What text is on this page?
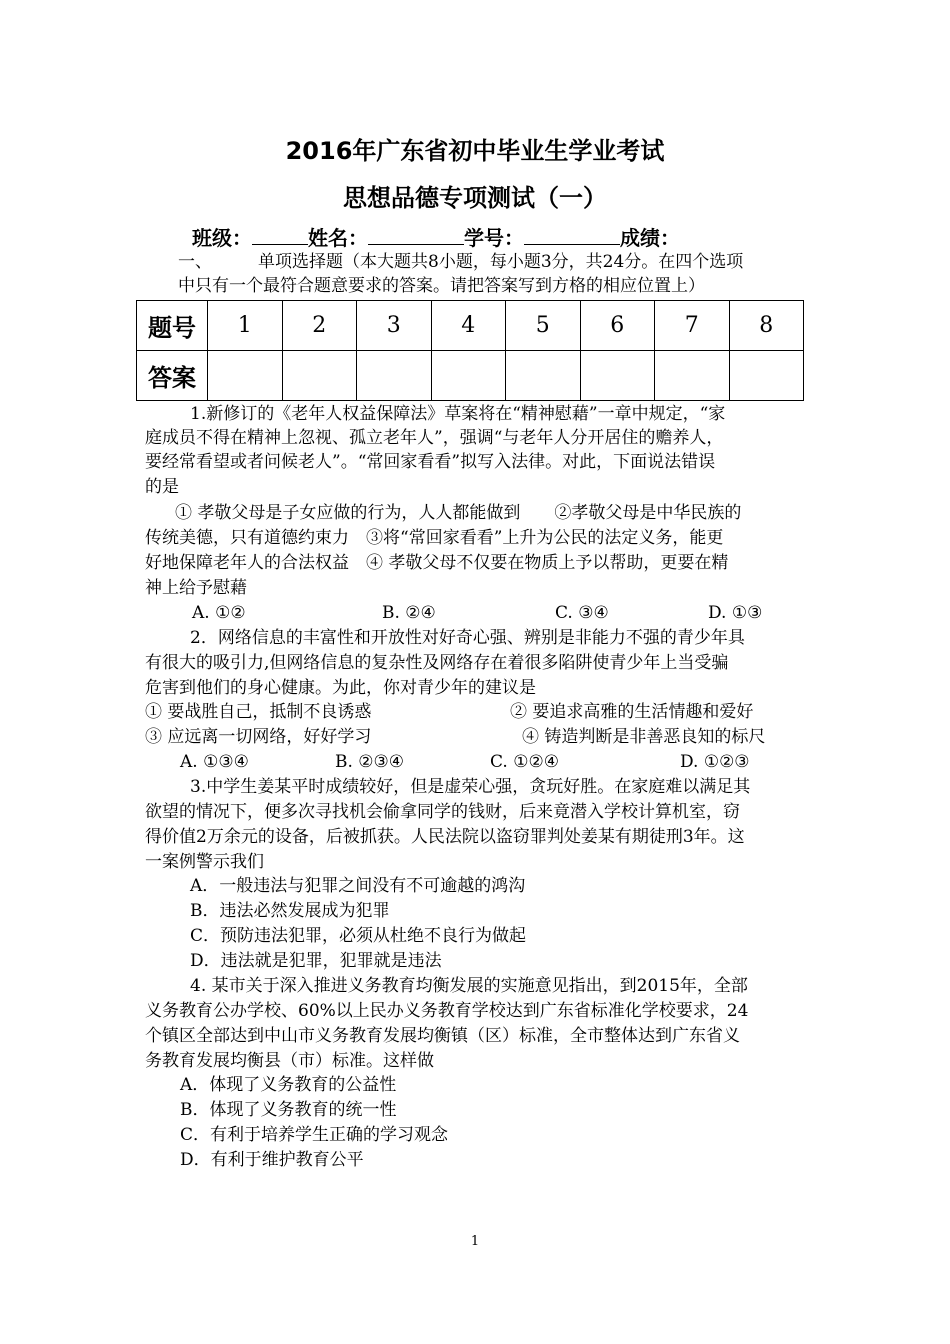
2016年广东省初中毕业生学业考试
思想品德专项测试（一）
班级：	姓名：	学号：	成绩：
一、	单项选择题（本大题共8小题，每小题3分，共24分。在四个选项
中只有一个最符合题意要求的答案。请把答案写到方格的相应位置上）
题号	1	2	3	4	5	6	7	8
答案								
1.新修订的《老年人权益保障法》草案将在“精神慰藉”一章中规定，“家
庭成员不得在精神上忽视、孤立老年人”，强调“与老年人分开居住的赡养人，
要经常看望或者问候老人”。“常回家看看”拟写入法律。对此，下面说法错误
的是
① 孝敬父母是子女应做的行为，人人都能做到　　②孝敬父母是中华民族的
传统美德，只有道德约束力　③将“常回家看看”上升为公民的法定义务，能更
好地保障老年人的合法权益　④ 孝敬父母不仅要在物质上予以帮助，更要在精
神上给予慰藉
A. ①②	B. ②④	C. ③④	D. ①③
2．网络信息的丰富性和开放性对好奇心强、辨别是非能力不强的青少年具
有很大的吸引力,但网络信息的复杂性及网络存在着很多陷阱使青少年上当受骗
危害到他们的身心健康。为此，你对青少年的建议是
① 要战胜自己，抵制不良诱惑	② 要追求高雅的生活情趣和爱好
③ 应远离一切网络，好好学习	④ 铸造判断是非善恶良知的标尺
A. ①③④	B. ②③④	C. ①②④	D. ①②③
3.中学生姜某平时成绩较好，但是虚荣心强，贪玩好胜。在家庭难以满足其
欲望的情况下，便多次寻找机会偷拿同学的钱财，后来竟潜入学校计算机室，窃
得价值2万余元的设备，后被抓获。人民法院以盗窃罪判处姜某有期徒刑3年。这
一案例警示我们
A．一般违法与犯罪之间没有不可逾越的鸿沟
B．违法必然发展成为犯罪
C．预防违法犯罪，必须从杜绝不良行为做起
D．违法就是犯罪，犯罪就是违法
4. 某市关于深入推进义务教育均衡发展的实施意见指出，到2015年，全部
义务教育公办学校、60%以上民办义务教育学校达到广东省标准化学校要求，24
个镇区全部达到中山市义务教育发展均衡镇（区）标准，全市整体达到广东省义
务教育发展均衡县（市）标准。这样做
A．体现了义务教育的公益性
B．体现了义务教育的统一性
C．有利于培养学生正确的学习观念
D．有利于维护教育公平
1
